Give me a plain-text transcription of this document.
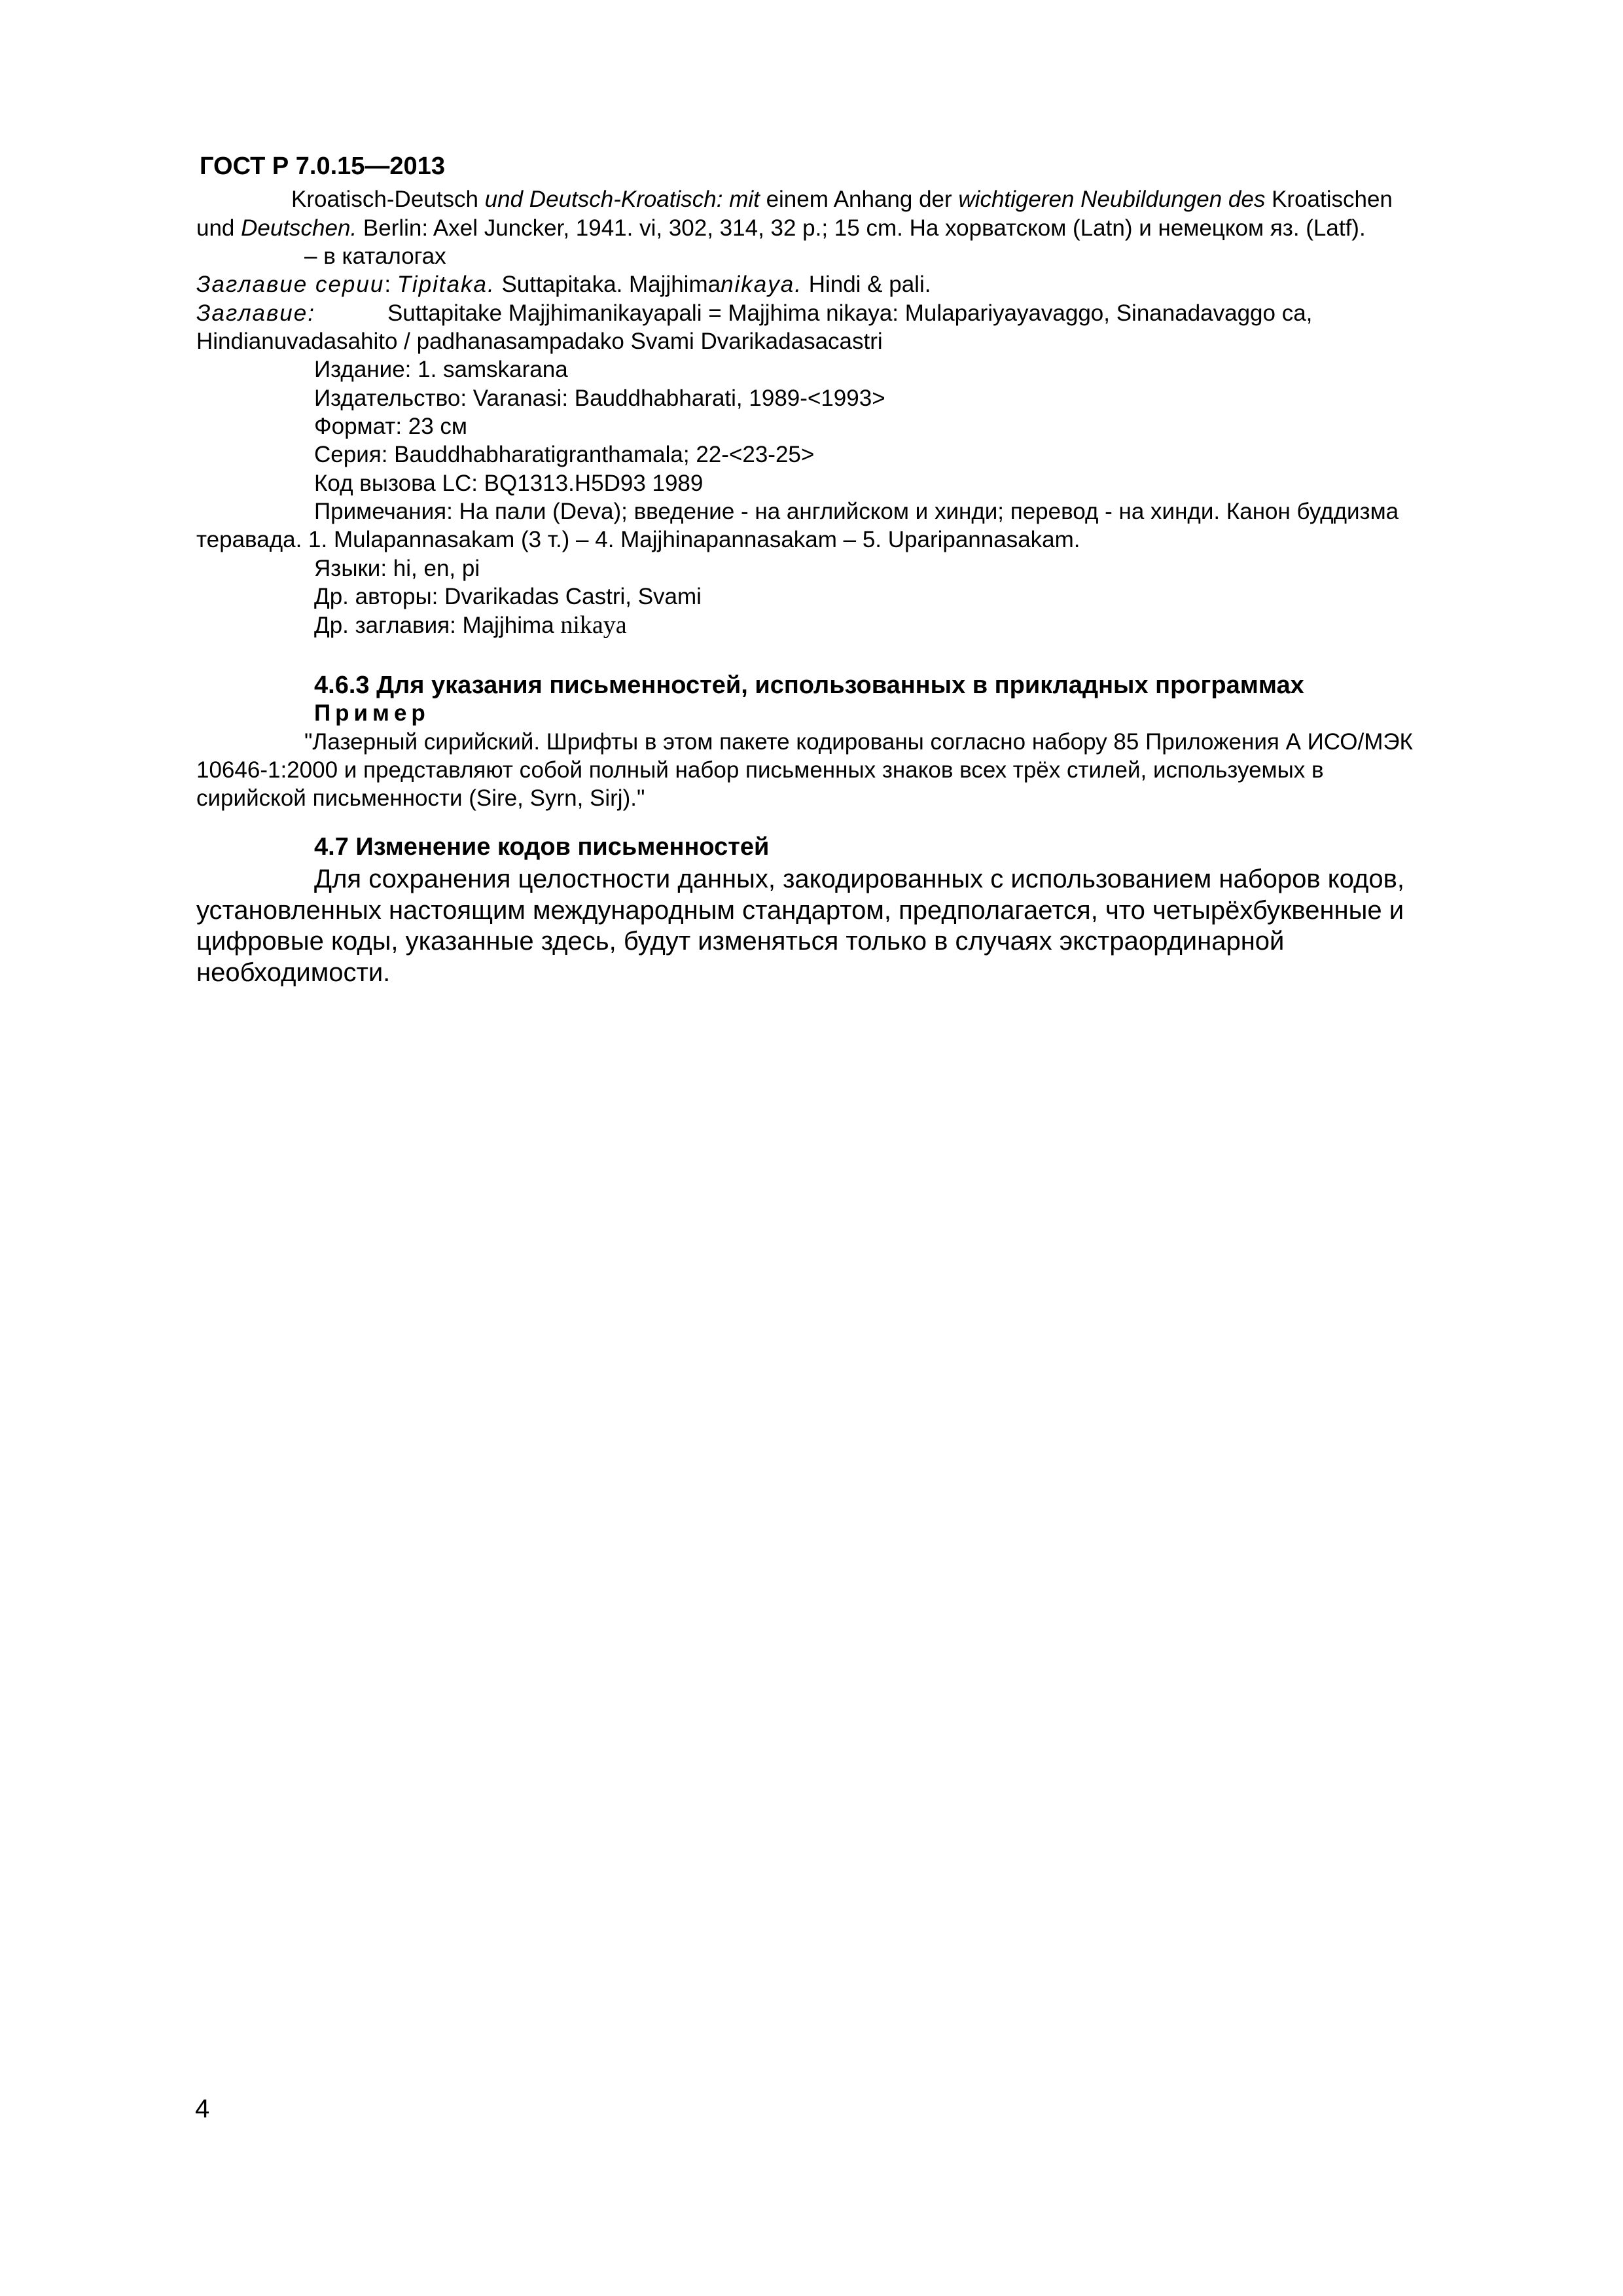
ГОСТ Р 7.0.15—2013
Kroatisch-Deutsch und Deutsch-Kroatisch: mit einem Anhang der wichtigeren Neubildungen des Kroatischen
und Deutschen. Berlin: Axel Juncker, 1941. vi, 302, 314, 32 p.; 15 cm. На хорватском (Latn) и немецком яз. (Latf).
– в каталогах
Заглавие серии: Tipitaka. Suttapitaka. Majjhimanikaya. Hindi & pali.
Заглавие:	Suttapitake Majjhimanikayapali = Majjhima nikaya: Mulapariyayavaggo, Sinanadavaggo ca,
Hindianuvadasahito / padhanasampadako Svami Dvarikadasacastri
Издание: 1. samskarana
Издательство: Varanasi: Bauddhabharati, 1989-<1993>
Формат: 23 см
Серия: Bauddhabharatigranthamala; 22-<23-25>
Код вызова LC: BQ1313.H5D93 1989
Примечания: На пали (Deva); введение - на английском и хинди; перевод - на хинди. Канон буддизма
теравада. 1. Mulapannasakam (3 т.) – 4. Majjhinapannasakam – 5. Uparipannasakam.
Языки: hi, en, pi
Др. авторы: Dvarikadas Castri, Svami
Др. заглавия: Majjhima nikaya
4.6.3 Для указания письменностей, использованных в прикладных программах
Пример
"Лазерный сирийский. Шрифты в этом пакете кодированы согласно набору 85 Приложения А ИСО/МЭК
10646-1:2000 и представляют собой полный набор письменных знаков всех трёх стилей, используемых в
сирийской письменности (Sire, Syrn, Sirj)."
4.7 Изменение кодов письменностей
Для сохранения целостности данных, закодированных с использованием наборов кодов,
установленных настоящим международным стандартом, предполагается, что четырёхбуквенные и
цифровые коды, указанные здесь, будут изменяться только в случаях экстраординарной
необходимости.
4
